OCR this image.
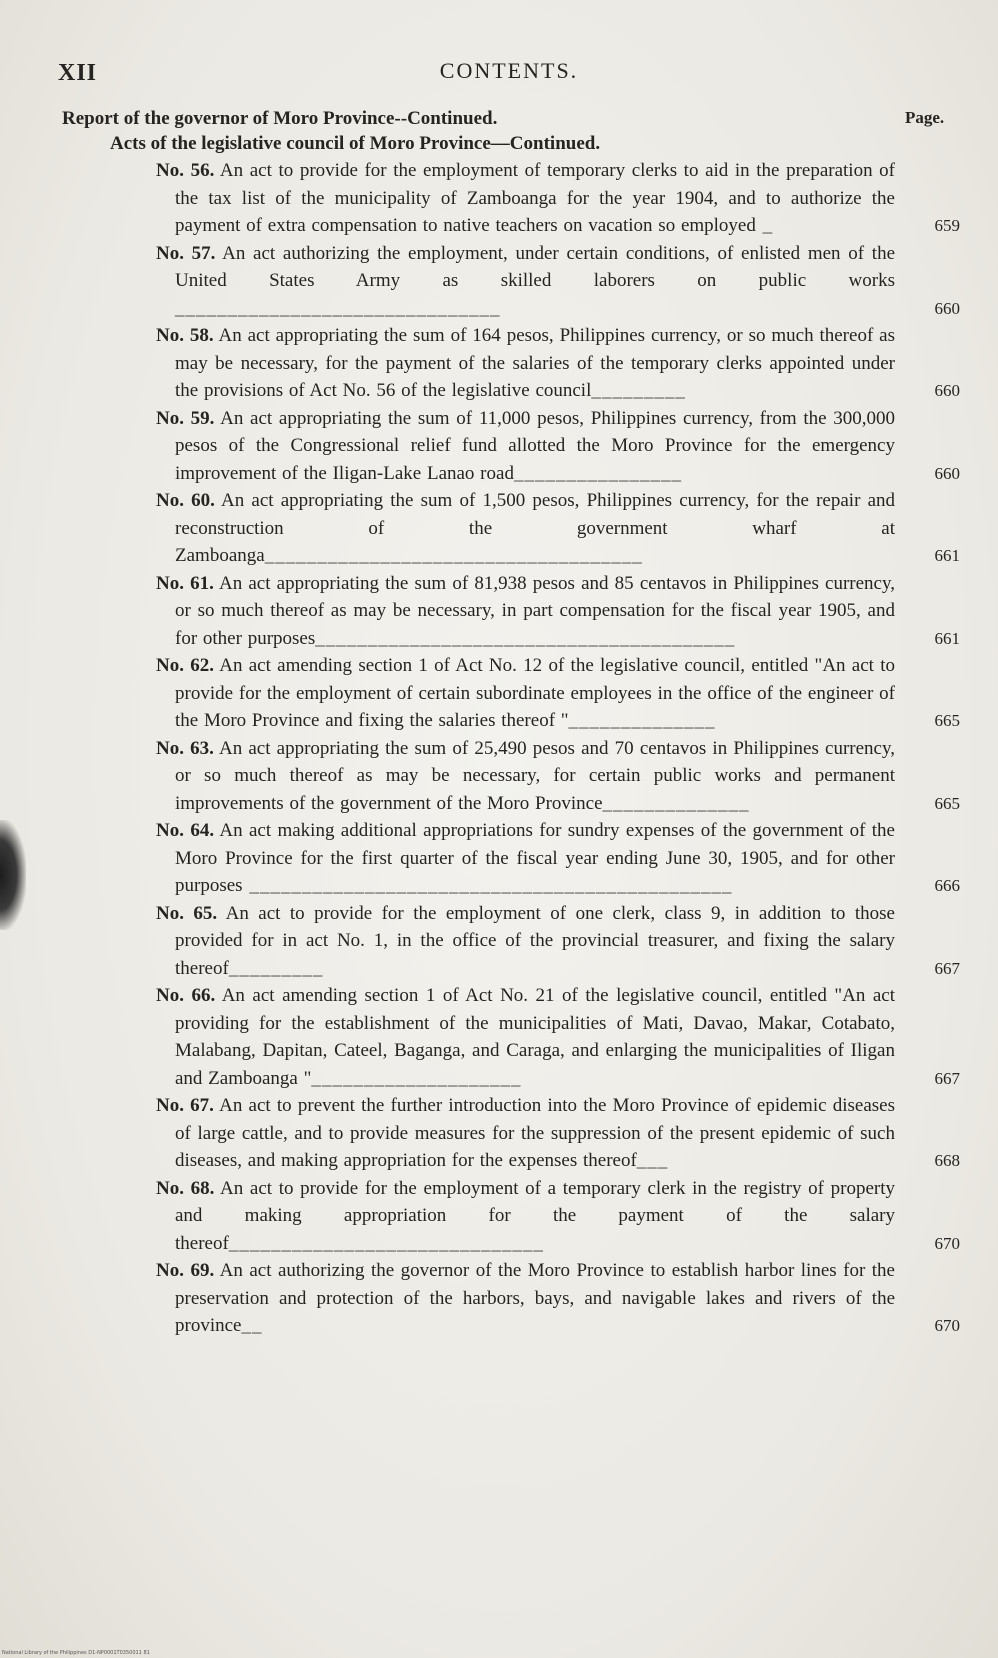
XII	CONTENTS.
Report of the governor of Moro Province--Continued.	Page.
Acts of the legislative council of Moro Province—Continued.
No. 56. An act to provide for the employment of temporary clerks to aid in the preparation of the tax list of the municipality of Zamboanga for the year 1904, and to authorize the payment of extra compensation to native teachers on vacation so employed _	659
No. 57. An act authorizing the employment, under certain conditions, of enlisted men of the United States Army as skilled laborers on public works _______________________________	660
No. 58. An act appropriating the sum of 164 pesos, Philippines currency, or so much thereof as may be necessary, for the payment of the salaries of the temporary clerks appointed under the provisions of Act No. 56 of the legislative council_________	660
No. 59. An act appropriating the sum of 11,000 pesos, Philippines currency, from the 300,000 pesos of the Congressional relief fund allotted the Moro Province for the emergency improvement of the Iligan-Lake Lanao road________________	660
No. 60. An act appropriating the sum of 1,500 pesos, Philippines currency, for the repair and reconstruction of the government wharf at Zamboanga____________________________________	661
No. 61. An act appropriating the sum of 81,938 pesos and 85 centavos in Philippines currency, or so much thereof as may be necessary, in part compensation for the fiscal year 1905, and for other purposes________________________________________	661
No. 62. An act amending section 1 of Act No. 12 of the legislative council, entitled "An act to provide for the employment of certain subordinate employees in the office of the engineer of the Moro Province and fixing the salaries thereof "______________	665
No. 63. An act appropriating the sum of 25,490 pesos and 70 centavos in Philippines currency, or so much thereof as may be necessary, for certain public works and permanent improvements of the government of the Moro Province______________	665
No. 64. An act making additional appropriations for sundry expenses of the government of the Moro Province for the first quarter of the fiscal year ending June 30, 1905, and for other purposes ______________________________________________	666
No. 65. An act to provide for the employment of one clerk, class 9, in addition to those provided for in act No. 1, in the office of the provincial treasurer, and fixing the salary thereof_________	667
No. 66. An act amending section 1 of Act No. 21 of the legislative council, entitled "An act providing for the establishment of the municipalities of Mati, Davao, Makar, Cotabato, Malabang, Dapitan, Cateel, Baganga, and Caraga, and enlarging the municipalities of Iligan and Zamboanga "____________________	667
No. 67. An act to prevent the further introduction into the Moro Province of epidemic diseases of large cattle, and to provide measures for the suppression of the present epidemic of such diseases, and making appropriation for the expenses thereof___	668
No. 68. An act to provide for the employment of a temporary clerk in the registry of property and making appropriation for the payment of the salary thereof______________________________	670
No. 69. An act authorizing the governor of the Moro Province to establish harbor lines for the preservation and protection of the harbors, bays, and navigable lakes and rivers of the province__	670
National Library of the Philippines D1-NP0001T0350011 81
